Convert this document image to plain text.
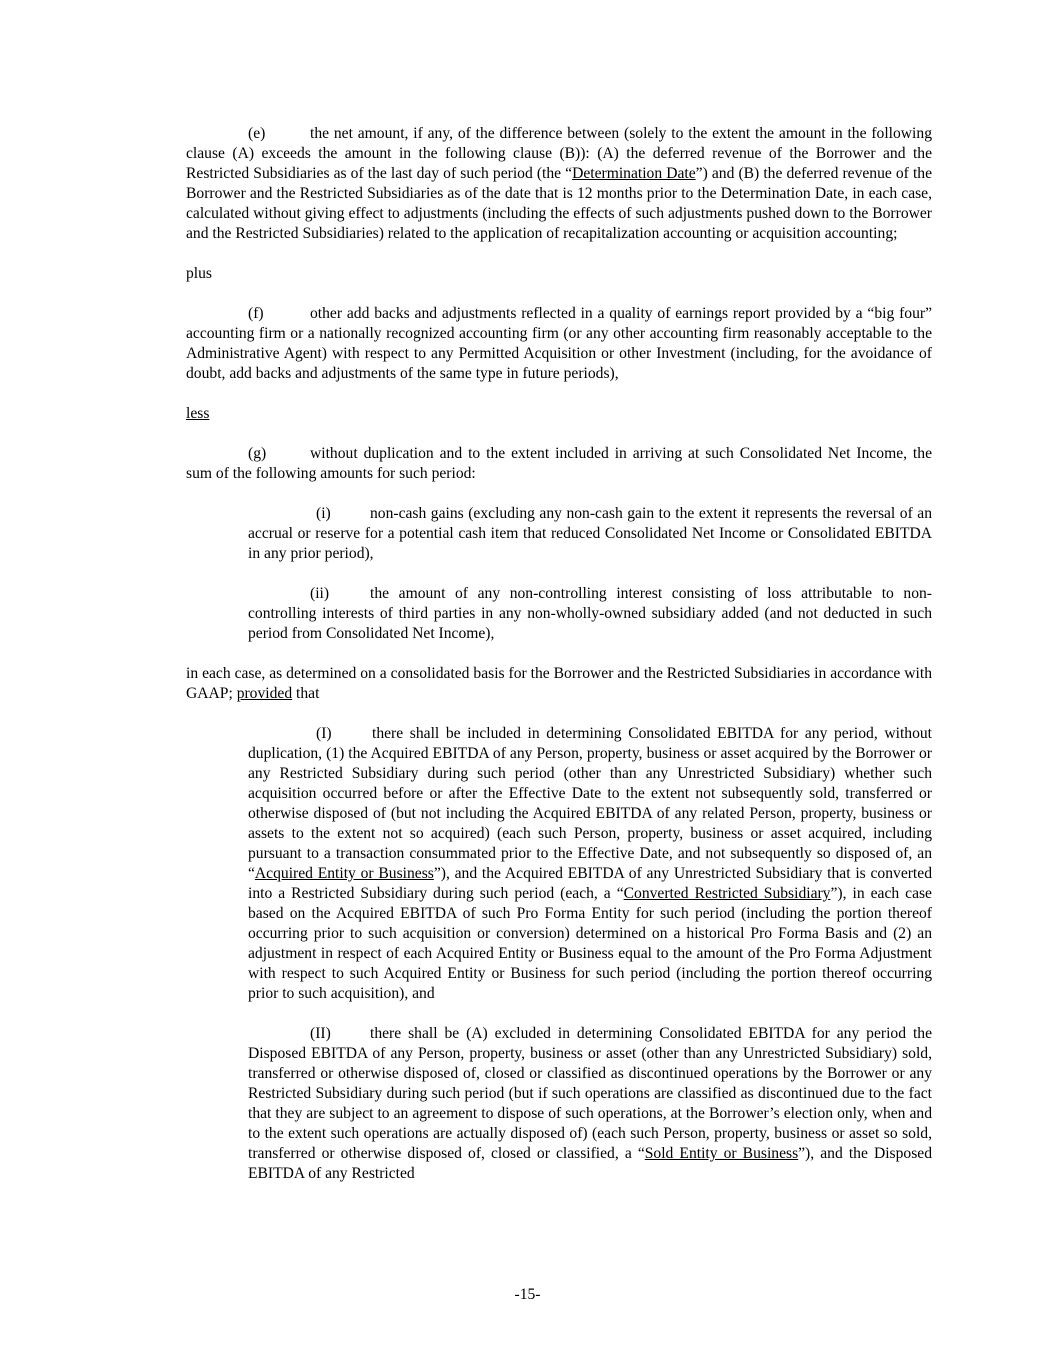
(e)	the net amount, if any, of the difference between (solely to the extent the amount in the following clause (A) exceeds the amount in the following clause (B)): (A) the deferred revenue of the Borrower and the Restricted Subsidiaries as of the last day of such period (the “Determination Date”) and (B) the deferred revenue of the Borrower and the Restricted Subsidiaries as of the date that is 12 months prior to the Determination Date, in each case, calculated without giving effect to adjustments (including the effects of such adjustments pushed down to the Borrower and the Restricted Subsidiaries) related to the application of recapitalization accounting or acquisition accounting;

plus

(f)	other add backs and adjustments reflected in a quality of earnings report provided by a “big four” accounting firm or a nationally recognized accounting firm (or any other accounting firm reasonably acceptable to the Administrative Agent) with respect to any Permitted Acquisition or other Investment (including, for the avoidance of doubt, add backs and adjustments of the same type in future periods),

less

(g)	without duplication and to the extent included in arriving at such Consolidated Net Income, the sum of the following amounts for such period:

(i)	non-cash gains (excluding any non-cash gain to the extent it represents the reversal of an accrual or reserve for a potential cash item that reduced Consolidated Net Income or Consolidated EBITDA in any prior period),

(ii)	the amount of any non-controlling interest consisting of loss attributable to non-controlling interests of third parties in any non-wholly-owned subsidiary added (and not deducted in such period from Consolidated Net Income),

in each case, as determined on a consolidated basis for the Borrower and the Restricted Subsidiaries in accordance with GAAP; provided that

(I)	there shall be included in determining Consolidated EBITDA for any period, without duplication, (1) the Acquired EBITDA of any Person, property, business or asset acquired by the Borrower or any Restricted Subsidiary during such period (other than any Unrestricted Subsidiary) whether such acquisition occurred before or after the Effective Date to the extent not subsequently sold, transferred or otherwise disposed of (but not including the Acquired EBITDA of any related Person, property, business or assets to the extent not so acquired) (each such Person, property, business or asset acquired, including pursuant to a transaction consummated prior to the Effective Date, and not subsequently so disposed of, an “Acquired Entity or Business”), and the Acquired EBITDA of any Unrestricted Subsidiary that is converted into a Restricted Subsidiary during such period (each, a “Converted Restricted Subsidiary”), in each case based on the Acquired EBITDA of such Pro Forma Entity for such period (including the portion thereof occurring prior to such acquisition or conversion) determined on a historical Pro Forma Basis and (2) an adjustment in respect of each Acquired Entity or Business equal to the amount of the Pro Forma Adjustment with respect to such Acquired Entity or Business for such period (including the portion thereof occurring prior to such acquisition), and

(II)	there shall be (A) excluded in determining Consolidated EBITDA for any period the Disposed EBITDA of any Person, property, business or asset (other than any Unrestricted Subsidiary) sold, transferred or otherwise disposed of, closed or classified as discontinued operations by the Borrower or any Restricted Subsidiary during such period (but if such operations are classified as discontinued due to the fact that they are subject to an agreement to dispose of such operations, at the Borrower’s election only, when and to the extent such operations are actually disposed of) (each such Person, property, business or asset so sold, transferred or otherwise disposed of, closed or classified, a “Sold Entity or Business”), and the Disposed EBITDA of any Restricted

-15-
